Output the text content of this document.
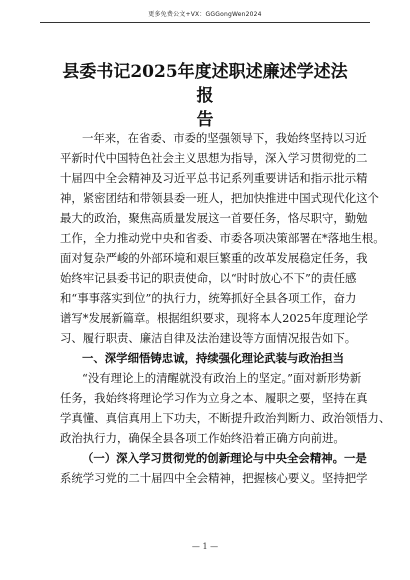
更多免费公文+VX：GGGongWen2024
县委书记2025年度述职述廉述学述法报
告
一年来，在省委、市委的坚强领导下，我始终坚持以习近
平新时代中国特色社会主义思想为指导，深入学习贯彻党的二
十届四中全会精神及习近平总书记系列重要讲话和指示批示精
神，紧密团结和带领县委一班人，把加快推进中国式现代化这个
最大的政治，聚焦高质量发展这一首要任务，恪尽职守，勤勉
工作，全力推动党中央和省委、市委各项决策部署在*落地生根。
面对复杂严峻的外部环境和艰巨繁重的改革发展稳定任务，我
始终牢记县委书记的职责使命，以“时时放心不下”的责任感
和“事事落实到位”的执行力，统筹抓好全县各项工作，奋力
谱写*发展新篇章。根据组织要求，现将本人2025年度理论学
习、履行职责、廉洁自律及法治建设等方面情况报告如下。
一、深学细悟铸忠诚，持续强化理论武装与政治担当
“没有理论上的清醒就没有政治上的坚定。”面对新形势新
任务，我始终将理论学习作为立身之本、履职之要，坚持在真
学真懂、真信真用上下功夫，不断提升政治判断力、政治领悟力、
政治执行力，确保全县各项工作始终沿着正确方向前进。
（一）深入学习贯彻党的创新理论与中央全会精神。一是
系统学习党的二十届四中全会精神，把握核心要义。坚持把学
— 1 —
